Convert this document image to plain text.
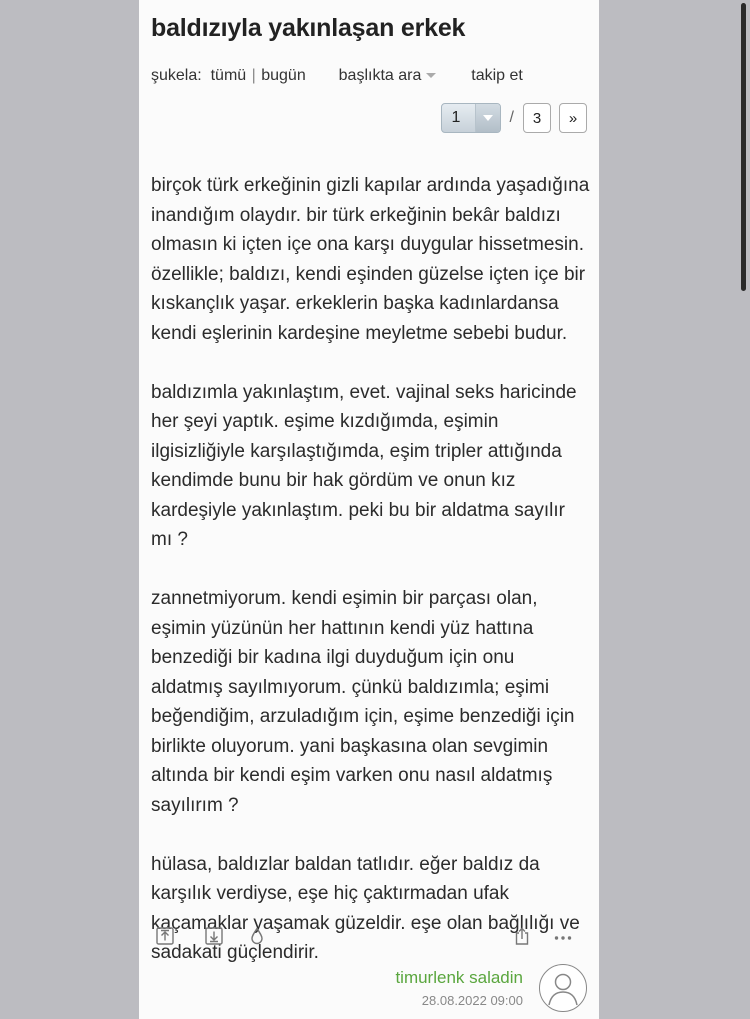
baldızıyla yakınlaşan erkek
şukela: tümü | bugün başlıkta ara	takip et
1	/	3	»

birçok türk erkeğinin gizli kapılar ardında yaşadığına inandığım olaydır. bir türk erkeğinin bekâr baldızı olmasın ki içten içe ona karşı duygular hissetmesin. özellikle; baldızı, kendi eşinden güzelse içten içe bir kıskançlık yaşar. erkeklerin başka kadınlardansa kendi eşlerinin kardeşine meyletme sebebi budur.

baldızımla yakınlaştım, evet. vajinal seks haricinde her şeyi yaptık. eşime kızdığımda, eşimin ilgisizliğiyle karşılaştığımda, eşim tripler attığında kendimde bunu bir hak gördüm ve onun kız kardeşiyle yakınlaştım. peki bu bir aldatma sayılır mı ?

zannetmiyorum. kendi eşimin bir parçası olan, eşimin yüzünün her hattının kendi yüz hattına benzediği bir kadına ilgi duyduğum için onu aldatmış sayılmıyorum. çünkü baldızımla; eşimi beğendiğim, arzuladığım için, eşime benzediği için birlikte oluyorum. yani başkasına olan sevgimin altında bir kendi eşim varken onu nasıl aldatmış sayılırım ?

hülasa, baldızlar baldan tatlıdır. eğer baldız da karşılık verdiyse, eşe hiç çaktırmadan ufak kaçamaklar yaşamak güzeldir. eşe olan bağlılığı ve sadakati güçlendirir.

timurlenk saladin
28.08.2022 09:00
